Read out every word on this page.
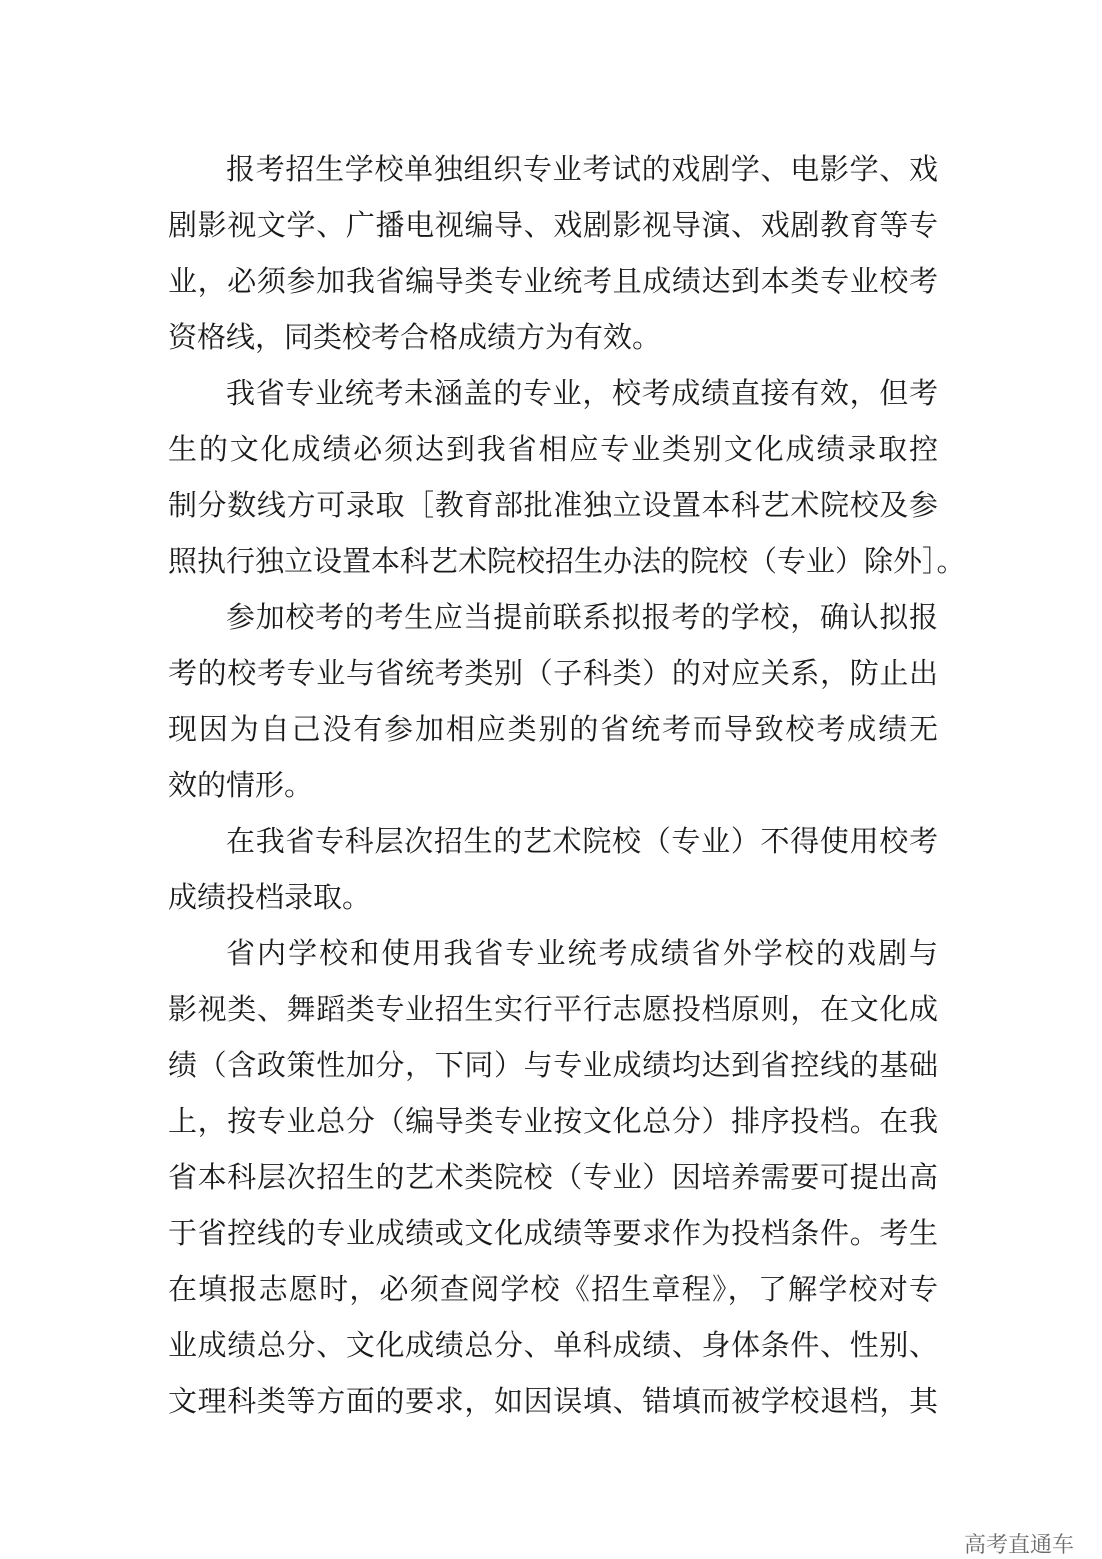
报考招生学校单独组织专业考试的戏剧学、电影学、戏
剧影视文学、广播电视编导、戏剧影视导演、戏剧教育等专
业，必须参加我省编导类专业统考且成绩达到本类专业校考
资格线，同类校考合格成绩方为有效。
我省专业统考未涵盖的专业，校考成绩直接有效，但考
生的文化成绩必须达到我省相应专业类别文化成绩录取控
制分数线方可录取［教育部批准独立设置本科艺术院校及参
照执行独立设置本科艺术院校招生办法的院校（专业）除外］。
参加校考的考生应当提前联系拟报考的学校，确认拟报
考的校考专业与省统考类别（子科类）的对应关系，防止出
现因为自己没有参加相应类别的省统考而导致校考成绩无
效的情形。
在我省专科层次招生的艺术院校（专业）不得使用校考
成绩投档录取。
省内学校和使用我省专业统考成绩省外学校的戏剧与
影视类、舞蹈类专业招生实行平行志愿投档原则，在文化成
绩（含政策性加分，下同）与专业成绩均达到省控线的基础
上，按专业总分（编导类专业按文化总分）排序投档。在我
省本科层次招生的艺术类院校（专业）因培养需要可提出高
于省控线的专业成绩或文化成绩等要求作为投档条件。考生
在填报志愿时，必须查阅学校《招生章程》，了解学校对专
业成绩总分、文化成绩总分、单科成绩、身体条件、性别、
文理科类等方面的要求，如因误填、错填而被学校退档，其
高考直通车
